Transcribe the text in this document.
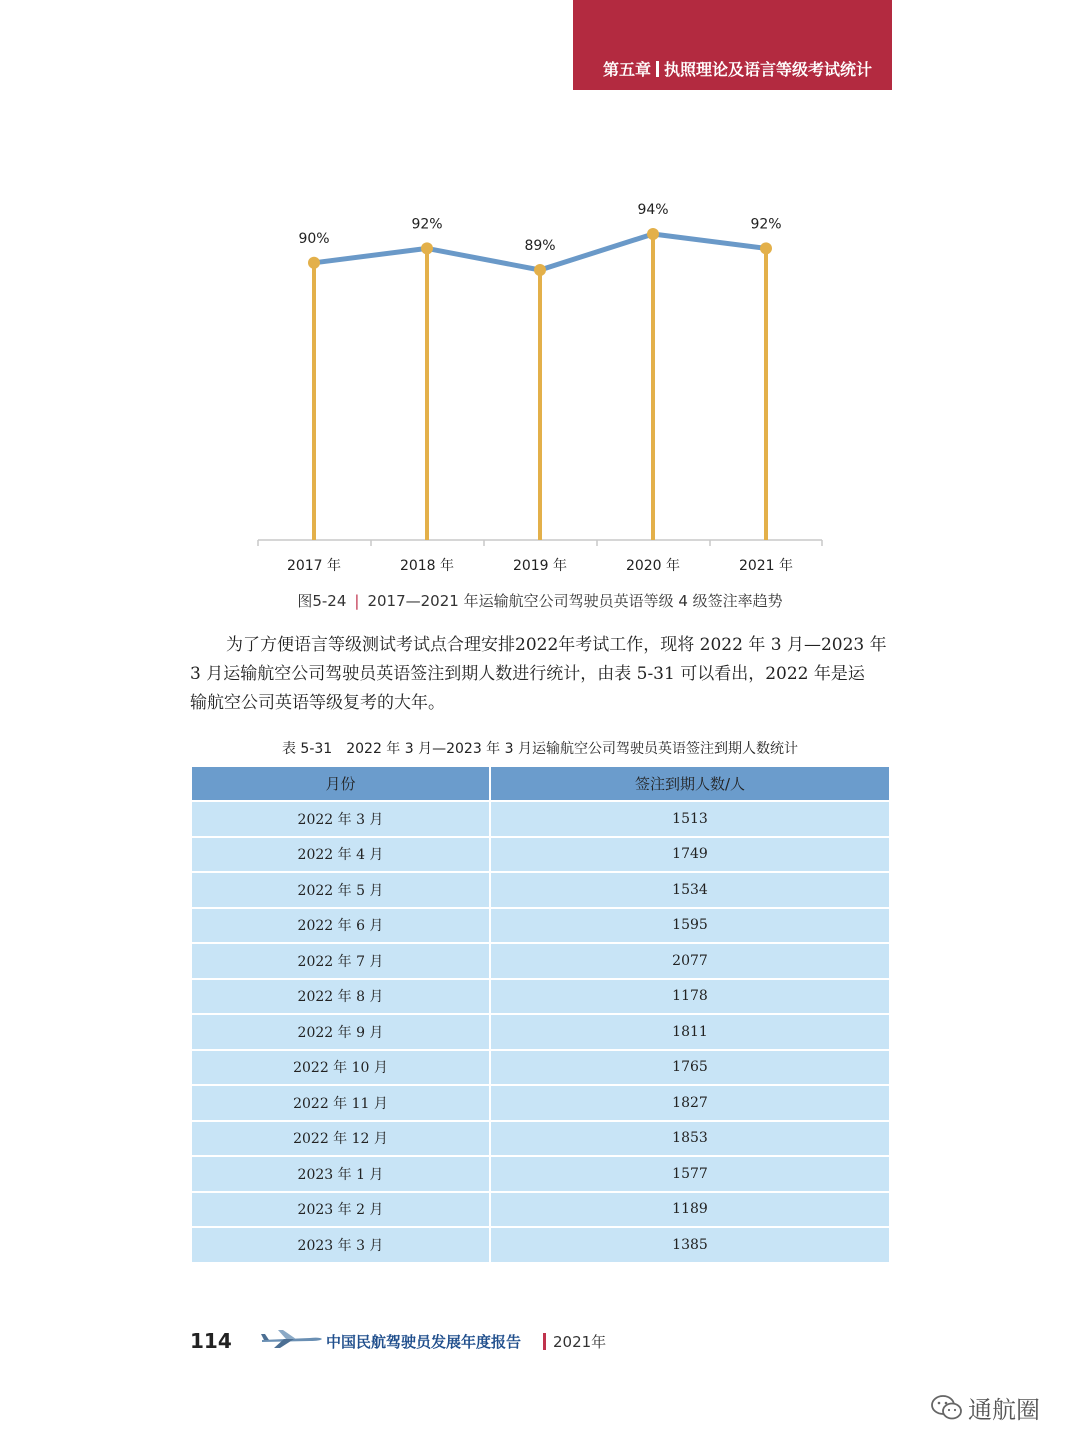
第五章 执照理论及语言等级考试统计
90%
92%
89%
94%
92%
2017 年	2018 年	2019 年	2020 年	2021 年
图5-24 | 2017—2021 年运输航空公司驾驶员英语等级 4 级签注率趋势
为了方便语言等级测试考试点合理安排2022年考试工作，现将 2022 年 3 月—2023 年
3 月运输航空公司驾驶员英语签注到期人数进行统计，由表 5-31 可以看出，2022 年是运
输航空公司英语等级复考的大年。
表 5-31 2022 年 3 月—2023 年 3 月运输航空公司驾驶员英语签注到期人数统计
月份	签注到期人数/人
2022 年 3 月	1513
2022 年 4 月	1749
2022 年 5 月	1534
2022 年 6 月	1595
2022 年 7 月	2077
2022 年 8 月	1178
2022 年 9 月	1811
2022 年 10 月	1765
2022 年 11 月	1827
2022 年 12 月	1853
2023 年 1 月	1577
2023 年 2 月	1189
2023 年 3 月	1385
114	中国民航驾驶员发展年度报告 2021年
通航圈
